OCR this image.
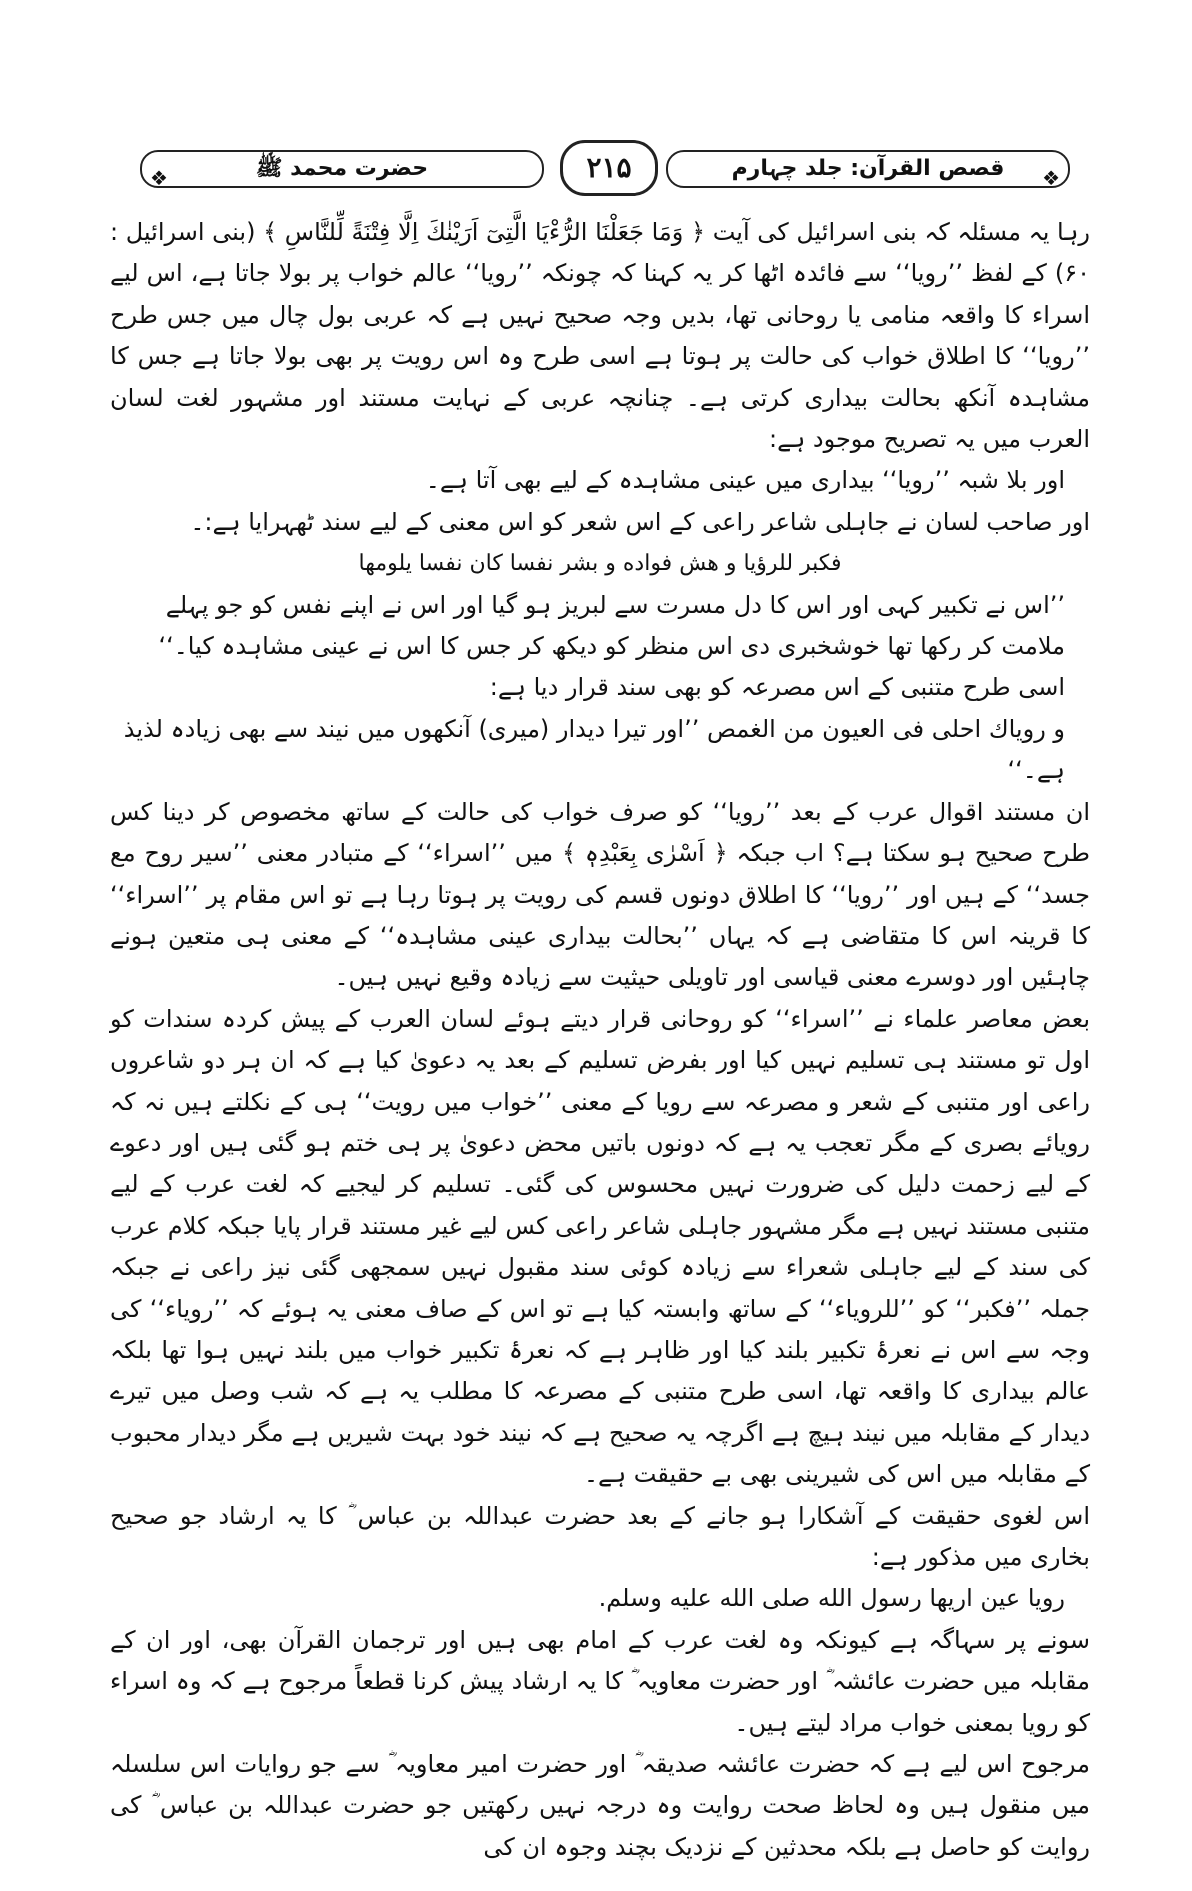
❖	حضرت محمد ﷺ	۲۱۵	قصص القرآن: جلد چہارم	❖

رہا یہ مسئلہ کہ بنی اسرائیل کی آیت ﴿ وَمَا جَعَلْنَا الرُّءْيَا الَّتِىٓ اَرَيْنٰكَ اِلَّا فِتْنَةً لِّلنَّاسِ ﴾ (بنی اسرائیل : ۶۰) کے لفظ ’’رویا‘‘ سے فائدہ اٹھا کر یہ کہنا کہ چونکہ ’’رویا‘‘ عالم خواب پر بولا جاتا ہے، اس لیے اسراء کا واقعہ منامی یا روحانی تھا، بدیں وجہ صحیح نہیں ہے کہ عربی بول چال میں جس طرح ’’رویا‘‘ کا اطلاق خواب کی حالت پر ہوتا ہے اسی طرح وہ اس رویت پر بھی بولا جاتا ہے جس کا مشاہدہ آنکھ بحالت بیداری کرتی ہے۔ چنانچہ عربی کے نہایت مستند اور مشہور لغت لسان العرب میں یہ تصریح موجود ہے:

اور بلا شبہ ’’رویا‘‘ بیداری میں عینی مشاہدہ کے لیے بھی آتا ہے۔

اور صاحب لسان نے جاہلی شاعر راعی کے اس شعر کو اس معنی کے لیے سند ٹھہرایا ہے:۔

فکبر للرؤیا و هش فواده و بشر نفسا کان نفسا یلومها

’’اس نے تکبیر کہی اور اس کا دل مسرت سے لبریز ہو گیا اور اس نے اپنے نفس کو جو پہلے ملامت کر رکھا تھا خوشخبری دی اس منظر کو دیکھ کر جس کا اس نے عینی مشاہدہ کیا۔‘‘ اسی طرح متنبی کے اس مصرعہ کو بھی سند قرار دیا ہے:

و رویاك احلی فی العیون من الغمص ’’اور تیرا دیدار (میری) آنکھوں میں نیند سے بھی زیادہ لذیذ ہے۔‘‘

ان مستند اقوال عرب کے بعد ’’رویا‘‘ کو صرف خواب کی حالت کے ساتھ مخصوص کر دینا کس طرح صحیح ہو سکتا ہے؟ اب جبکہ ﴿ اَسْرٰى بِعَبْدِهٖ ﴾ میں ’’اسراء‘‘ کے متبادر معنی ’’سیر روح مع جسد‘‘ کے ہیں اور ’’رویا‘‘ کا اطلاق دونوں قسم کی رویت پر ہوتا رہا ہے تو اس مقام پر ’’اسراء‘‘ کا قرینہ اس کا متقاضی ہے کہ یہاں ’’بحالت بیداری عینی مشاہدہ‘‘ کے معنی ہی متعین ہونے چاہئیں اور دوسرے معنی قیاسی اور تاویلی حیثیت سے زیادہ وقیع نہیں ہیں۔

بعض معاصر علماء نے ’’اسراء‘‘ کو روحانی قرار دیتے ہوئے لسان العرب کے پیش کردہ سندات کو اول تو مستند ہی تسلیم نہیں کیا اور بفرض تسلیم کے بعد یہ دعویٰ کیا ہے کہ ان ہر دو شاعروں راعی اور متنبی کے شعر و مصرعہ سے رویا کے معنی ’’خواب میں رویت‘‘ ہی کے نکلتے ہیں نہ کہ رویائے بصری کے مگر تعجب یہ ہے کہ دونوں باتیں محض دعویٰ پر ہی ختم ہو گئی ہیں اور دعوے کے لیے زحمت دلیل کی ضرورت نہیں محسوس کی گئی۔ تسلیم کر لیجیے کہ لغت عرب کے لیے متنبی مستند نہیں ہے مگر مشہور جاہلی شاعر راعی کس لیے غیر مستند قرار پایا جبکہ کلام عرب کی سند کے لیے جاہلی شعراء سے زیادہ کوئی سند مقبول نہیں سمجھی گئی نیز راعی نے جبکہ جملہ ’’فکبر‘‘ کو ’’للرویاء‘‘ کے ساتھ وابستہ کیا ہے تو اس کے صاف معنی یہ ہوئے کہ ’’رویاء‘‘ کی وجہ سے اس نے نعرۂ تکبیر بلند کیا اور ظاہر ہے کہ نعرۂ تکبیر خواب میں بلند نہیں ہوا تھا بلکہ عالم بیداری کا واقعہ تھا، اسی طرح متنبی کے مصرعہ کا مطلب یہ ہے کہ شب وصل میں تیرے دیدار کے مقابلہ میں نیند ہیچ ہے اگرچہ یہ صحیح ہے کہ نیند خود بہت شیریں ہے مگر دیدار محبوب کے مقابلہ میں اس کی شیرینی بھی بے حقیقت ہے۔

اس لغوی حقیقت کے آشکارا ہو جانے کے بعد حضرت عبداللہ بن عباس ؓ کا یہ ارشاد جو صحیح بخاری میں مذکور ہے:

رویا عین اریها رسول الله صلی الله علیه وسلم.

سونے پر سہاگہ ہے کیونکہ وہ لغت عرب کے امام بھی ہیں اور ترجمان القرآن بھی، اور ان کے مقابلہ میں حضرت عائشہ ؓ اور حضرت معاویہ ؓ کا یہ ارشاد پیش کرنا قطعاً مرجوح ہے کہ وہ اسراء کو رویا بمعنی خواب مراد لیتے ہیں۔

مرجوح اس لیے ہے کہ حضرت عائشہ صدیقہ ؓ اور حضرت امیر معاویہ ؓ سے جو روایات اس سلسلہ میں منقول ہیں وہ لحاظ صحت روایت وہ درجہ نہیں رکھتیں جو حضرت عبداللہ بن عباس ؓ کی روایت کو حاصل ہے بلکہ محدثین کے نزدیک بچند وجوہ ان کی
